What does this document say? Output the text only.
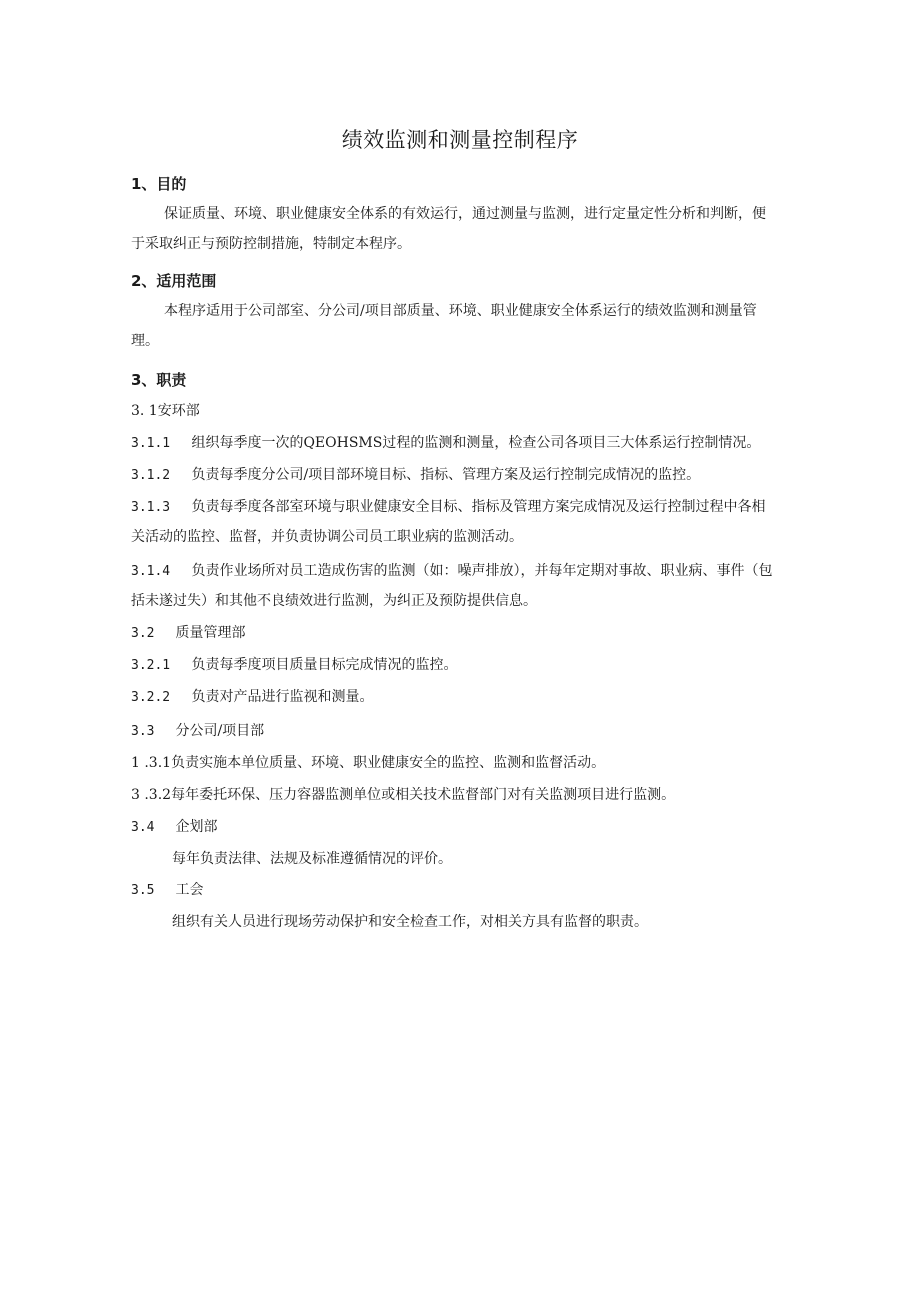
绩效监测和测量控制程序
1、目的
保证质量、环境、职业健康安全体系的有效运行，通过测量与监测，进行定量定性分析和判断，便
于采取纠正与预防控制措施，特制定本程序。
2、适用范围
本程序适用于公司部室、分公司/项目部质量、环境、职业健康安全体系运行的绩效监测和测量管
理。
3、职责
3. 1安环部
3.1.1 组织每季度一次的QEOHSMS过程的监测和测量，检查公司各项目三大体系运行控制情况。
3.1.2 负责每季度分公司/项目部环境目标、指标、管理方案及运行控制完成情况的监控。
3.1.3 负责每季度各部室环境与职业健康安全目标、指标及管理方案完成情况及运行控制过程中各相
关活动的监控、监督，并负责协调公司员工职业病的监测活动。
3.1.4 负责作业场所对员工造成伤害的监测（如：噪声排放），并每年定期对事故、职业病、事件（包
括未遂过失）和其他不良绩效进行监测，为纠正及预防提供信息。
3.2 质量管理部
3.2.1 负责每季度项目质量目标完成情况的监控。
3.2.2 负责对产品进行监视和测量。
3.3 分公司/项目部
1 .3.1负责实施本单位质量、环境、职业健康安全的监控、监测和监督活动。
3 .3.2每年委托环保、压力容器监测单位或相关技术监督部门对有关监测项目进行监测。
3.4 企划部
每年负责法律、法规及标准遵循情况的评价。
3.5 工会
组织有关人员进行现场劳动保护和安全检查工作，对相关方具有监督的职责。
